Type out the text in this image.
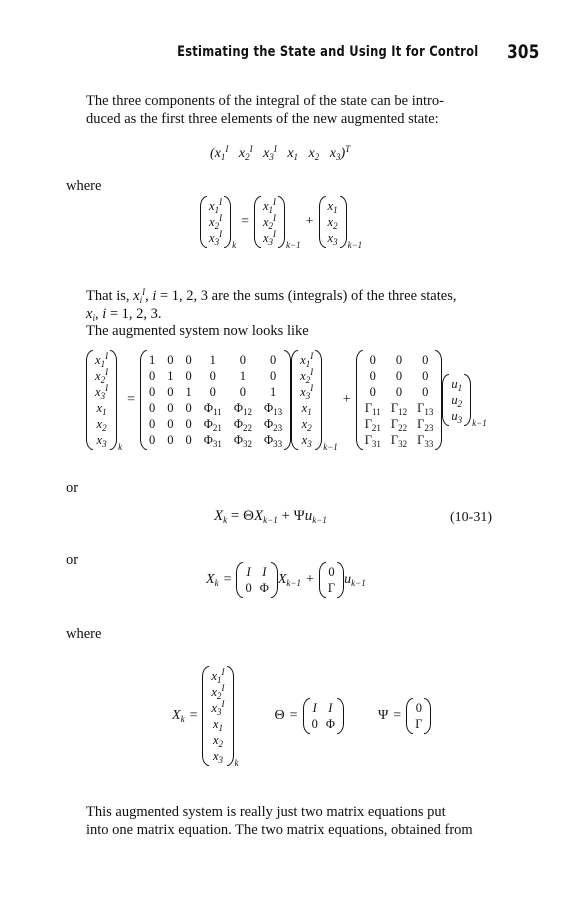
Estimating the State and Using It for Control 305
The three components of the integral of the state can be intro-
duced as the first three elements of the new augmented state:
($x_1^I$   $x_2^I$   $x_3^I$   $x_1$   $x_2$   $x_3)^T$
where
$x_1^I$
$x_2^I$
$x_3^I$
k
=
$x_1^I$
$x_2^I$
$x_3^I$
k−1
+
$x_1$
$x_2$
$x_3$ k−1
That is, $x_i^I$, i = 1, 2, 3 are the sums (integrals) of the three states,
$x_i$, i = 1, 2, 3.
The augmented system now looks like
$x_1^I$
$x_2^I$
$x_3^I$
$x_1$
$x_2$
$x_3$ k
=
1 0 0 1 0 0
0 1 0 0 1 0
0 0 1 0 0 1
0 0 0 $\Phi_{11}$ $\Phi_{12}$ $\Phi_{13}$
0 0 0 $\Phi_{21}$ $\Phi_{22}$ $\Phi_{23}$
0 0 0 $\Phi_{31}$ $\Phi_{32}$ $\Phi_{33}$
$x_1^I$
$x_2^I$
$x_3^I$
$x_1$
$x_2$
$x_3$ k−1
+
0 0 0
0 0 0
0 0 0
$\Gamma_{11}$ $\Gamma_{12}$ $\Gamma_{13}$
$\Gamma_{21}$ $\Gamma_{22}$ $\Gamma_{23}$
$\Gamma_{31}$ $\Gamma_{32}$ $\Gamma_{33}$
$u_1$
$u_2$
$u_3$ k−1
or
$X_k = \Theta X_{k-1} + \Psi u_{k-1}$	(10-31)
or
$X_k = I$ I
0 Φ
$X_{k-1} + 0$
Γ
$u_{k-1}$
where
$X_k$ =
$x_1^I$
$x_2^I$
$x_3^I$
$x_1$
$x_2$
$x_3$ k
Θ = I I
0 Φ
Ψ = 0
Γ
This augmented system is really just two matrix equations put
into one matrix equation. The two matrix equations, obtained from
